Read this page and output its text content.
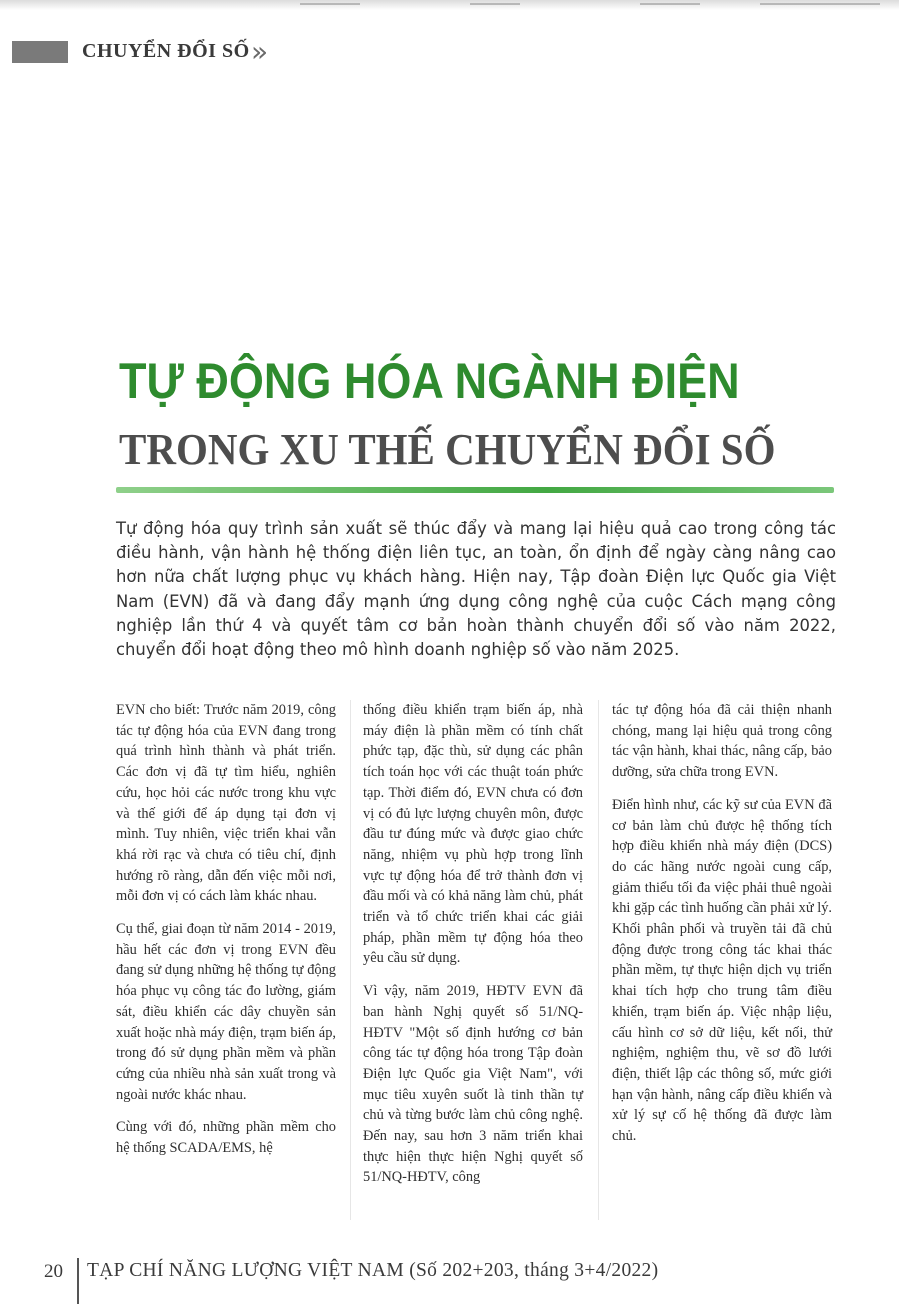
CHUYỂN ĐỔI SỐ »
TỰ ĐỘNG HÓA NGÀNH ĐIỆN
TRONG XU THẾ CHUYỂN ĐỔI SỐ

Tự động hóa quy trình sản xuất sẽ thúc đẩy và mang lại hiệu quả cao trong công tác điều hành, vận hành hệ thống điện liên tục, an toàn, ổn định để ngày càng nâng cao hơn nữa chất lượng phục vụ khách hàng. Hiện nay, Tập đoàn Điện lực Quốc gia Việt Nam (EVN) đã và đang đẩy mạnh ứng dụng công nghệ của cuộc Cách mạng công nghiệp lần thứ 4 và quyết tâm cơ bản hoàn thành chuyển đổi số vào năm 2022, chuyển đổi hoạt động theo mô hình doanh nghiệp số vào năm 2025.

EVN cho biết: Trước năm 2019, công tác tự động hóa của EVN đang trong quá trình hình thành và phát triển. Các đơn vị đã tự tìm hiểu, nghiên cứu, học hỏi các nước trong khu vực và thế giới để áp dụng tại đơn vị mình. Tuy nhiên, việc triển khai vẫn khá rời rạc và chưa có tiêu chí, định hướng rõ ràng, dẫn đến việc mỗi nơi, mỗi đơn vị có cách làm khác nhau.

Cụ thể, giai đoạn từ năm 2014 - 2019, hầu hết các đơn vị trong EVN đều đang sử dụng những hệ thống tự động hóa phục vụ công tác đo lường, giám sát, điều khiển các dây chuyền sản xuất hoặc nhà máy điện, trạm biến áp, trong đó sử dụng phần mềm và phần cứng của nhiều nhà sản xuất trong và ngoài nước khác nhau.

Cùng với đó, những phần mềm cho hệ thống SCADA/EMS, hệ

thống điều khiển trạm biến áp, nhà máy điện là phần mềm có tính chất phức tạp, đặc thù, sử dụng các phân tích toán học với các thuật toán phức tạp. Thời điểm đó, EVN chưa có đơn vị có đủ lực lượng chuyên môn, được đầu tư đúng mức và được giao chức năng, nhiệm vụ phù hợp trong lĩnh vực tự động hóa để trở thành đơn vị đầu mối và có khả năng làm chủ, phát triển và tổ chức triển khai các giải pháp, phần mềm tự động hóa theo yêu cầu sử dụng.

Vì vậy, năm 2019, HĐTV EVN đã ban hành Nghị quyết số 51/NQ-HĐTV "Một số định hướng cơ bản công tác tự động hóa trong Tập đoàn Điện lực Quốc gia Việt Nam", với mục tiêu xuyên suốt là tinh thần tự chủ và từng bước làm chủ công nghệ. Đến nay, sau hơn 3 năm triển khai thực hiện thực hiện Nghị quyết số 51/NQ-HĐTV, công

tác tự động hóa đã cải thiện nhanh chóng, mang lại hiệu quả trong công tác vận hành, khai thác, nâng cấp, bảo dưỡng, sửa chữa trong EVN.

Điển hình như, các kỹ sư của EVN đã cơ bản làm chủ được hệ thống tích hợp điều khiển nhà máy điện (DCS) do các hãng nước ngoài cung cấp, giảm thiểu tối đa việc phải thuê ngoài khi gặp các tình huống cần phải xử lý. Khối phân phối và truyền tải đã chủ động được trong công tác khai thác phần mềm, tự thực hiện dịch vụ triển khai tích hợp cho trung tâm điều khiển, trạm biến áp. Việc nhập liệu, cấu hình cơ sở dữ liệu, kết nối, thử nghiệm, nghiệm thu, vẽ sơ đồ lưới điện, thiết lập các thông số, mức giới hạn vận hành, nâng cấp điều khiển và xử lý sự cố hệ thống đã được làm chủ.

20 TẠP CHÍ NĂNG LƯỢNG VIỆT NAM (Số 202+203, tháng 3+4/2022)
